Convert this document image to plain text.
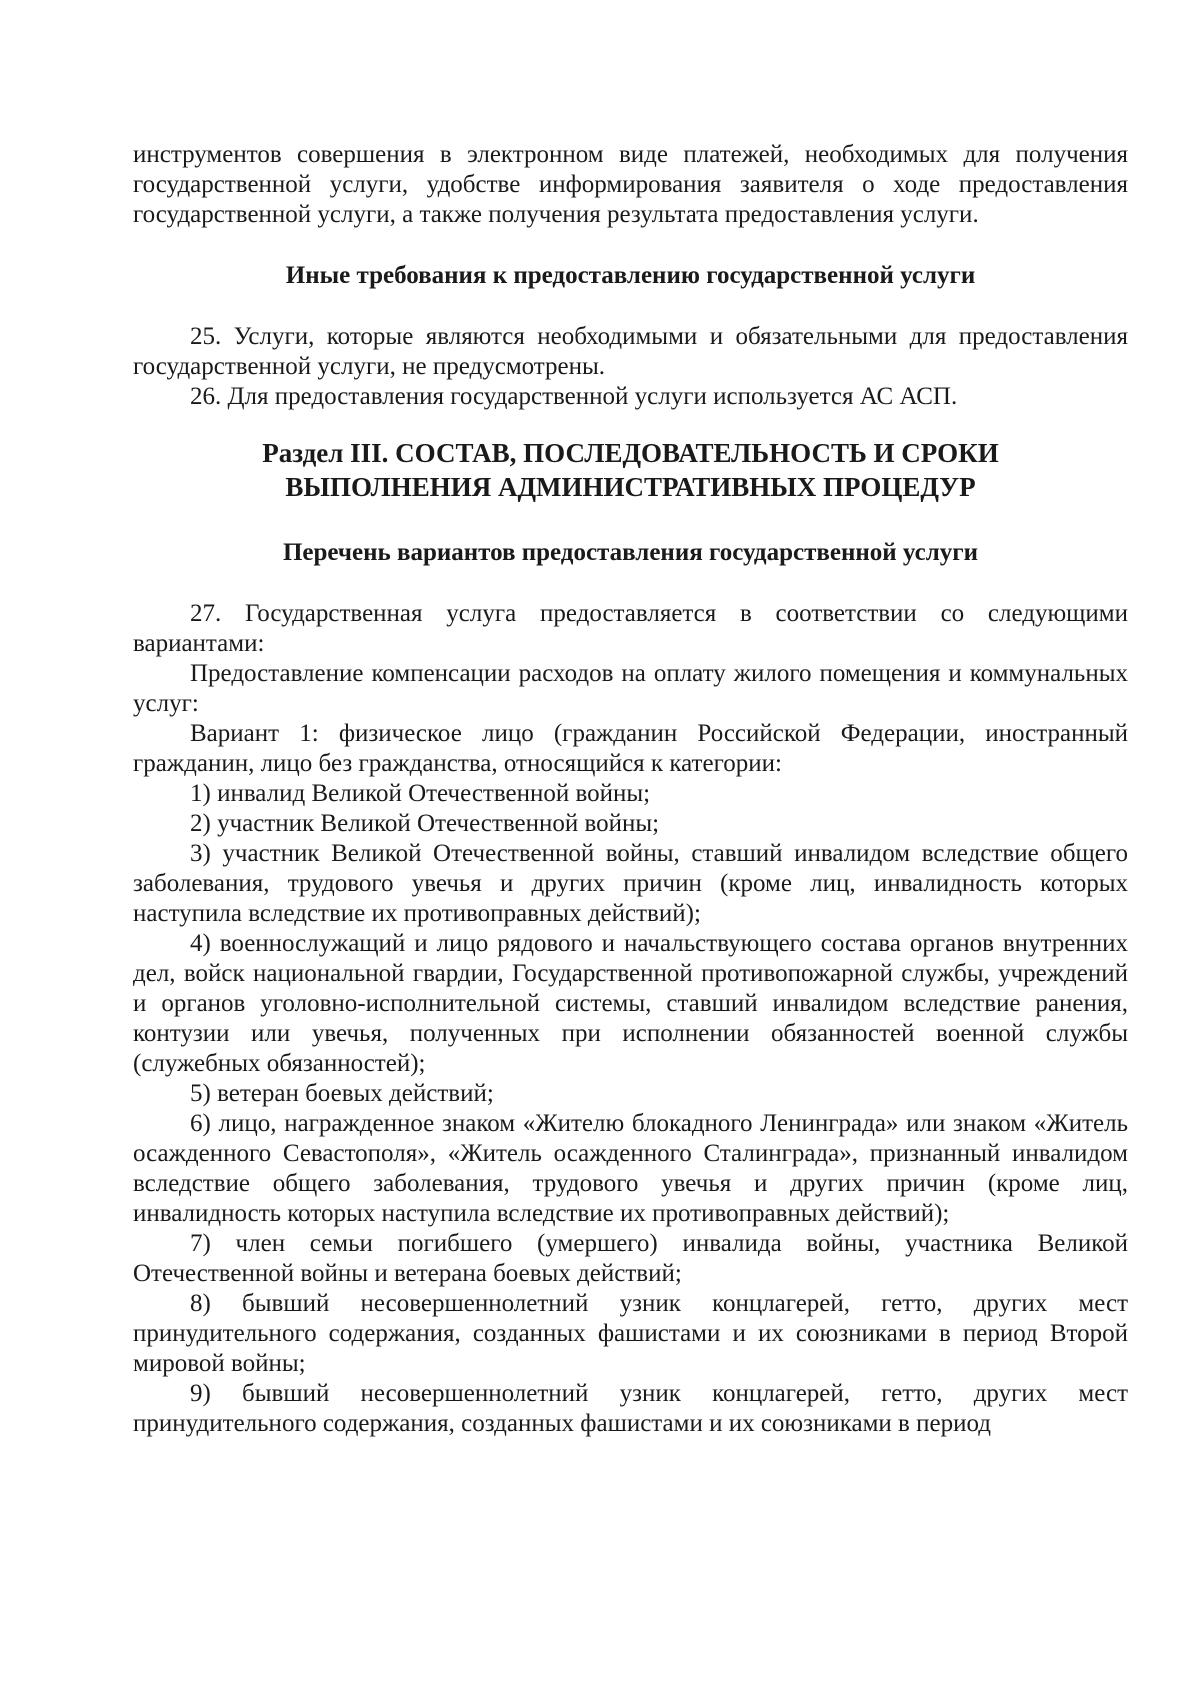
инструментов совершения в электронном виде платежей, необходимых для получения государственной услуги, удобстве информирования заявителя о ходе предоставления государственной услуги, а также получения результата предоставления услуги.

Иные требования к предоставлению государственной услуги

25. Услуги, которые являются необходимыми и обязательными для предоставления государственной услуги, не предусмотрены.

26. Для предоставления государственной услуги используется АС АСП.

Раздел III. СОСТАВ, ПОСЛЕДОВАТЕЛЬНОСТЬ И СРОКИ
ВЫПОЛНЕНИЯ АДМИНИСТРАТИВНЫХ ПРОЦЕДУР

Перечень вариантов предоставления государственной услуги

27. Государственная услуга предоставляется в соответствии со следующими вариантами:

Предоставление компенсации расходов на оплату жилого помещения и коммунальных услуг:

Вариант 1: физическое лицо (гражданин Российской Федерации, иностранный гражданин, лицо без гражданства, относящийся к категории:

1) инвалид Великой Отечественной войны;

2) участник Великой Отечественной войны;

3) участник Великой Отечественной войны, ставший инвалидом вследствие общего заболевания, трудового увечья и других причин (кроме лиц, инвалидность которых наступила вследствие их противоправных действий);

4) военнослужащий и лицо рядового и начальствующего состава органов внутренних дел, войск национальной гвардии, Государственной противопожарной службы, учреждений и органов уголовно-исполнительной системы, ставший инвалидом вследствие ранения, контузии или увечья, полученных при исполнении обязанностей военной службы (служебных обязанностей);

5) ветеран боевых действий;

6) лицо, награжденное знаком «Жителю блокадного Ленинграда» или знаком «Житель осажденного Севастополя», «Житель осажденного Сталинграда», признанный инвалидом вследствие общего заболевания, трудового увечья и других причин (кроме лиц, инвалидность которых наступила вследствие их противоправных действий);

7) член семьи погибшего (умершего) инвалида войны, участника Великой Отечественной войны и ветерана боевых действий;

8) бывший несовершеннолетний узник концлагерей, гетто, других мест принудительного содержания, созданных фашистами и их союзниками в период Второй мировой войны;

9) бывший несовершеннолетний узник концлагерей, гетто, других мест принудительного содержания, созданных фашистами и их союзниками в период
